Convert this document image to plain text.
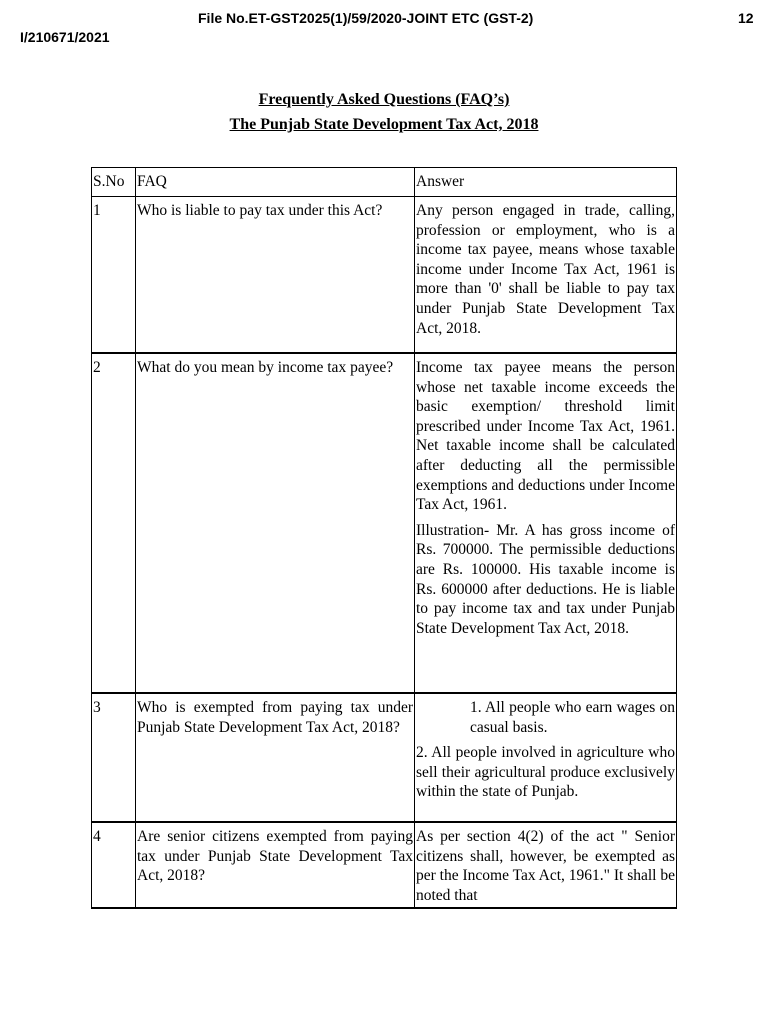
File No.ET-GST2025(1)/59/2020-JOINT ETC (GST-2)	12
I/210671/2021
Frequently Asked Questions (FAQ’s)
The Punjab State Development Tax Act, 2018
S.No	FAQ	Answer
1	Who is liable to pay tax under this Act?	Any person engaged in trade, calling, profession or employment, who is a income tax payee, means whose taxable income under Income Tax Act, 1961 is more than '0' shall be liable to pay tax under Punjab State Development Tax Act, 2018.

2	What do you mean by income tax payee?	Income tax payee means the person whose net taxable income exceeds the basic exemption/ threshold limit prescribed under Income Tax Act, 1961. Net taxable income shall be calculated after deducting all the permissible exemptions and deductions under Income Tax Act, 1961.

Illustration- Mr. A has gross income of Rs. 700000. The permissible deductions are Rs. 100000. His taxable income is Rs. 600000 after deductions. He is liable to pay income tax and tax under Punjab State Development Tax Act, 2018.

3	Who is exempted from paying tax under Punjab State Development Tax Act, 2018?	1. All people who earn wages on casual basis.

2. All people involved in agriculture who sell their agricultural produce exclusively within the state of Punjab.

4	Are senior citizens exempted from paying tax under Punjab State Development Tax Act, 2018?	As per section 4(2) of the act " Senior citizens shall, however, be exempted as per the Income Tax Act, 1961." It shall be noted that
